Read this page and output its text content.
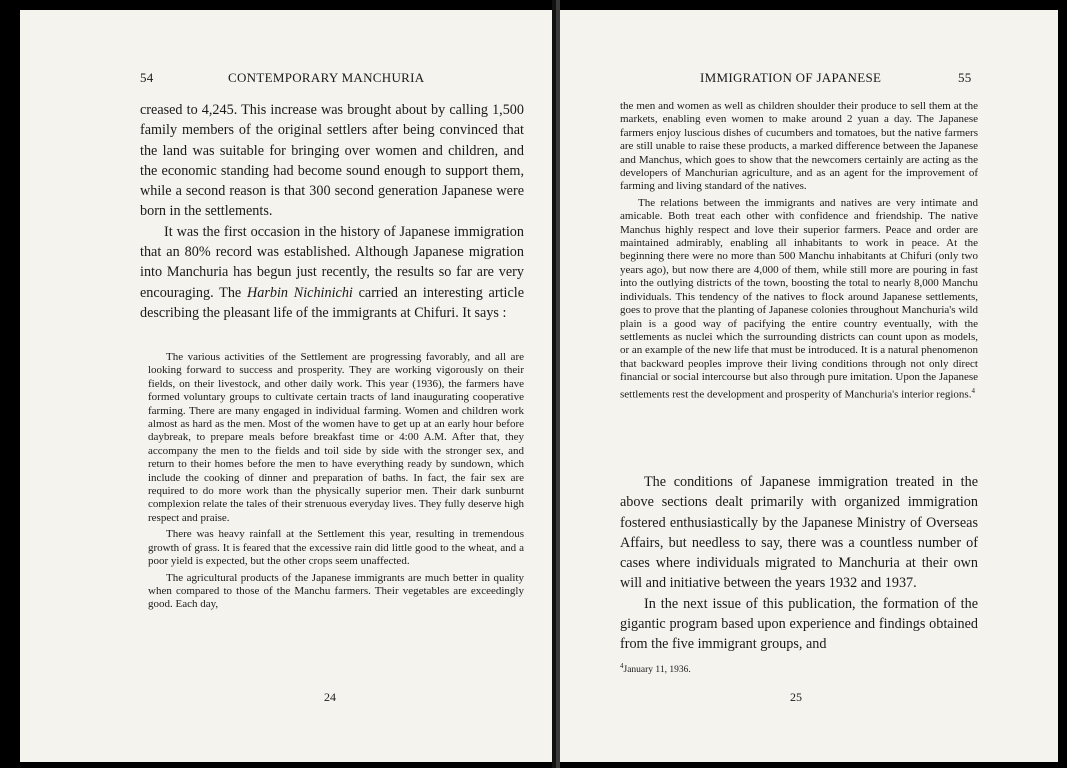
54	CONTEMPORARY MANCHURIA

creased to 4,245. This increase was brought about by calling 1,500 family members of the original settlers after being convinced that the land was suitable for bringing over women and children, and the economic standing had become sound enough to support them, while a second reason is that 300 second generation Japanese were born in the settlements.

It was the first occasion in the history of Japanese immigration that an 80% record was established. Although Japanese migration into Manchuria has begun just recently, the results so far are very encouraging. The Harbin Nichinichi carried an interesting article describing the pleasant life of the immigrants at Chifuri. It says :

The various activities of the Settlement are progressing favorably, and all are looking forward to success and prosperity. They are working vigorously on their fields, on their livestock, and other daily work. This year (1936), the farmers have formed voluntary groups to cultivate certain tracts of land inaugurating cooperative farming. There are many engaged in individual farming. Women and children work almost as hard as the men. Most of the women have to get up at an early hour before daybreak, to prepare meals before breakfast time or 4:00 A.M. After that, they accompany the men to the fields and toil side by side with the stronger sex, and return to their homes before the men to have everything ready by sundown, which include the cooking of dinner and preparation of baths. In fact, the fair sex are required to do more work than the physically superior men. Their dark sunburnt complexion relate the tales of their strenuous everyday lives. They fully deserve high respect and praise.

There was heavy rainfall at the Settlement this year, resulting in tremendous growth of grass. It is feared that the excessive rain did little good to the wheat, and a poor yield is expected, but the other crops seem unaffected.

The agricultural products of the Japanese immigrants are much better in quality when compared to those of the Manchu farmers. Their vegetables are exceedingly good. Each day,

24
IMMIGRATION OF JAPANESE	55

the men and women as well as children shoulder their produce to sell them at the markets, enabling even women to make around 2 yuan a day. The Japanese farmers enjoy luscious dishes of cucumbers and tomatoes, but the native farmers are still unable to raise these products, a marked difference between the Japanese and Manchus, which goes to show that the newcomers certainly are acting as the developers of Manchurian agriculture, and as an agent for the improvement of farming and living standard of the natives.

The relations between the immigrants and natives are very intimate and amicable. Both treat each other with confidence and friendship. The native Manchus highly respect and love their superior farmers. Peace and order are maintained admirably, enabling all inhabitants to work in peace. At the beginning there were no more than 500 Manchu inhabitants at Chifuri (only two years ago), but now there are 4,000 of them, while still more are pouring in fast into the outlying districts of the town, boosting the total to nearly 8,000 Manchu individuals. This tendency of the natives to flock around Japanese settlements, goes to prove that the planting of Japanese colonies throughout Manchuria's wild plain is a good way of pacifying the entire country eventually, with the settlements as nuclei which the surrounding districts can count upon as models, or an example of the new life that must be introduced. It is a natural phenomenon that backward peoples improve their living conditions through not only direct financial or social intercourse but also through pure imitation. Upon the Japanese settlements rest the development and prosperity of Manchuria's interior regions.$^4$

The conditions of Japanese immigration treated in the above sections dealt primarily with organized immigration fostered enthusiastically by the Japanese Ministry of Overseas Affairs, but needless to say, there was a countless number of cases where individuals migrated to Manchuria at their own will and initiative between the years 1932 and 1937.

In the next issue of this publication, the formation of the gigantic program based upon experience and findings obtained from the five immigrant groups, and

$^4$January 11, 1936.
25
